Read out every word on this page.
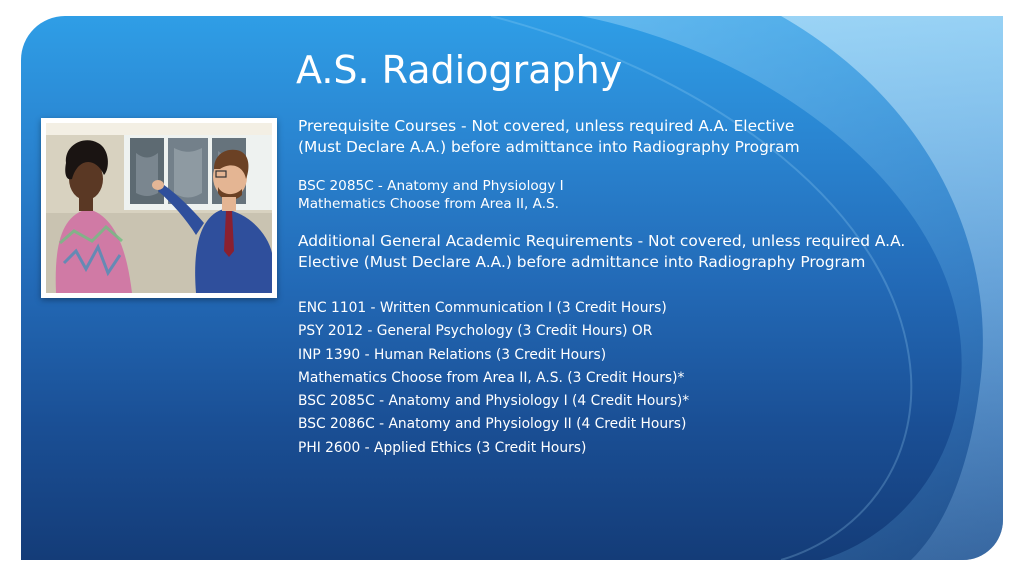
A.S. Radiography

Prerequisite Courses - Not covered, unless required A.A. Elective

(Must Declare A.A.) before admittance into Radiography Program

BSC 2085C - Anatomy and Physiology I

Mathematics Choose from Area II, A.S.

Additional General Academic Requirements - Not covered, unless required A.A.

Elective (Must Declare A.A.) before admittance into Radiography Program

ENC 1101 - Written Communication I (3 Credit Hours)
PSY 2012 - General Psychology (3 Credit Hours) OR
INP 1390 - Human Relations (3 Credit Hours)
Mathematics Choose from Area II, A.S. (3 Credit Hours)*
BSC 2085C - Anatomy and Physiology I (4 Credit Hours)*
BSC 2086C - Anatomy and Physiology II (4 Credit Hours)
PHI 2600 - Applied Ethics (3 Credit Hours)
